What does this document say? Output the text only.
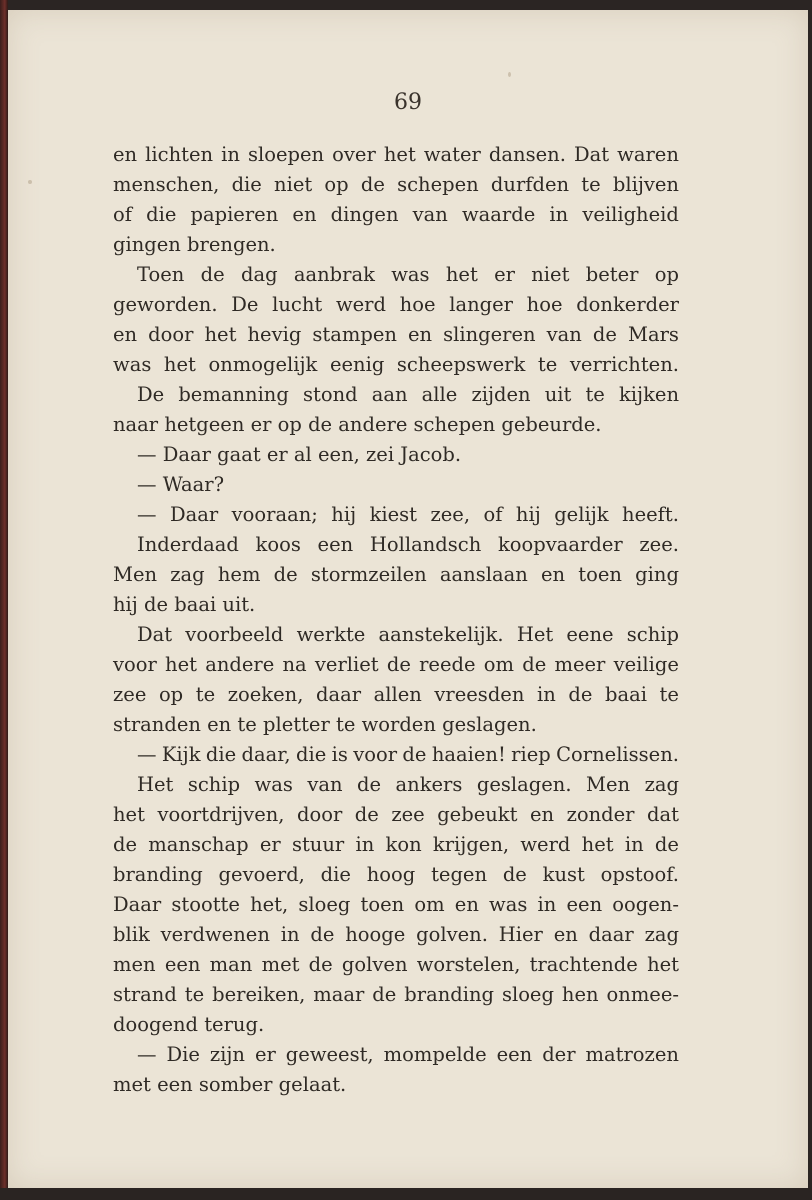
69
en lichten in sloepen over het water dansen. Dat waren
menschen, die niet op de schepen durfden te blijven
of die papieren en dingen van waarde in veiligheid
gingen brengen.
Toen de dag aanbrak was het er niet beter op
geworden. De lucht werd hoe langer hoe donkerder
en door het hevig stampen en slingeren van de Mars
was het onmogelijk eenig scheepswerk te verrichten.
De bemanning stond aan alle zijden uit te kijken
naar hetgeen er op de andere schepen gebeurde.
— Daar gaat er al een, zei Jacob.
— Waar?
— Daar vooraan; hij kiest zee, of hij gelijk heeft.
Inderdaad koos een Hollandsch koopvaarder zee.
Men zag hem de stormzeilen aanslaan en toen ging
hij de baai uit.
Dat voorbeeld werkte aanstekelijk. Het eene schip
voor het andere na verliet de reede om de meer veilige
zee op te zoeken, daar allen vreesden in de baai te
stranden en te pletter te worden geslagen.
— Kijk die daar, die is voor de haaien! riep Cornelissen.
Het schip was van de ankers geslagen. Men zag
het voortdrijven, door de zee gebeukt en zonder dat
de manschap er stuur in kon krijgen, werd het in de
branding gevoerd, die hoog tegen de kust opstoof.
Daar stootte het, sloeg toen om en was in een oogen-
blik verdwenen in de hooge golven. Hier en daar zag
men een man met de golven worstelen, trachtende het
strand te bereiken, maar de branding sloeg hen onmee-
doogend terug.
— Die zijn er geweest, mompelde een der matrozen
met een somber gelaat.
